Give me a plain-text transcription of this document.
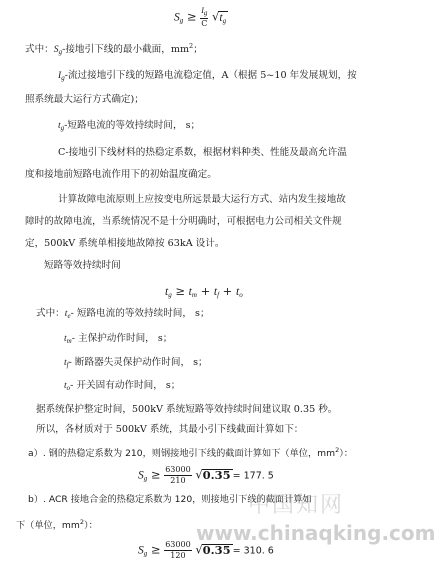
$S_g \ge \frac{I_g}{C} √t_g$
式中：$S_g-$接地引下线的最小截面，$mm^2$；
$I_g-$流过接地引下线的短路电流稳定值，A（根据 5~10 年发展规划，按
照系统最大运行方式确定)；
$t_g-$短路电流的等效持续时间， s；
C-接地引下线材料的热稳定系数，根据材料种类、性能及最高允许温
度和接地前短路电流作用下的初始温度确定。
计算故障电流原则上应按变电所远景最大运行方式、站内发生接地故
障时的故障电流，当系统情况不是十分明确时，可根据电力公司相关文件规
定，500kV 系统单相接地故障按 63kA 设计。
短路等效持续时间
$t_g \ge t_m + t_f + t_o$
式中：$t_e-$ 短路电流的等效持续时间， s；
$t_m-$ 主保护动作时间， s；
$t_f-$ 断路器失灵保护动作时间， s；
$t_o-$ 开关固有动作时间， s；
据系统保护整定时间，500kV 系统短路等效持续时间建议取 0.35 秒。
所以，各材质对于 500kV 系统，其最小引下线截面计算如下：
a）. 钢的热稳定系数为 210，则钢接地引下线的截面计算如下（单位，$mm^2$）：
$S_g \ge \frac{63000}{210} √0.35 = 177$. 5
b）. ACR 接地合金的热稳定系数为 120，则接地引下线的截面计算如
下（单位，$mm^2$）：
$S_g \ge \frac{63000}{120} √0.35 = 310$. 6
中国知网
www.chinaqking.com
